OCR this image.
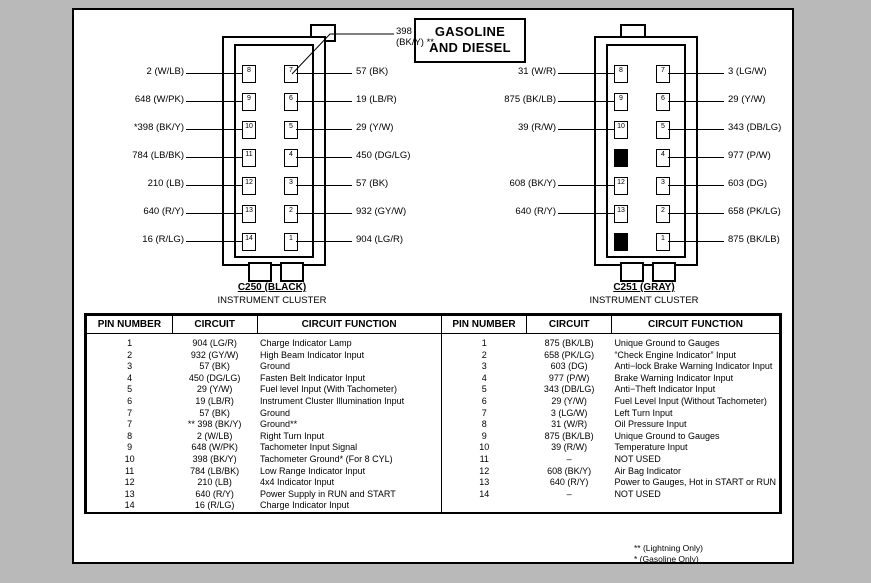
GASOLINE
AND DIESEL
8
9
10
11
12
13
14
7
6
5
4
3
2
1
2 (W/LB)
648 (W/PK)
*398 (BK/Y)
784 (LB/BK)
210 (LB)
640 (R/Y)
16 (R/LG)
57 (BK)
19 (LB/R)
29 (Y/W)
450 (DG/LG)
57 (BK)
932 (GY/W)
904 (LG/R)
398
(BK/Y) **
C250 (BLACK)
INSTRUMENT CLUSTER
8
9
10
12
13
7
6
5
4
3
2
1
31 (W/R)
875 (BK/LB)
39 (R/W)
608 (BK/Y)
640 (R/Y)
3 (LG/W)
29 (Y/W)
343 (DB/LG)
977 (P/W)
603 (DG)
658 (PK/LG)
875 (BK/LB)
C251 (GRAY)
INSTRUMENT CLUSTER
PIN NUMBER	CIRCUIT	CIRCUIT FUNCTION	PIN NUMBER	CIRCUIT	CIRCUIT FUNCTION
1	904 (LG/R)	Charge Indicator Lamp	1	875 (BK/LB)	Unique Ground to Gauges
2	932 (GY/W)	High Beam Indicator Input	2	658 (PK/LG)	“Check Engine Indicator” Input
3	57 (BK)	Ground	3	603 (DG)	Anti−lock Brake Warning Indicator Input
4	450 (DG/LG)	Fasten Belt Indicator Input	4	977 (P/W)	Brake Warning Indicator Input
5	29 (Y/W)	Fuel level Input (With Tachometer)	5	343 (DB/LG)	Anti−Theft Indicator Input
6	19 (LB/R)	Instrument Cluster Illumination Input	6	29 (Y/W)	Fuel Level Input (Without Tachometer)
7	57 (BK)	Ground	7	3 (LG/W)	Left Turn Input
7	** 398 (BK/Y)	Ground**	8	31 (W/R)	Oil Pressure Input
8	2 (W/LB)	Right Turn Input	9	875 (BK/LB)	Unique Ground to Gauges
9	648 (W/PK)	Tachometer Input Signal	10	39 (R/W)	Temperature Input
10	398 (BK/Y)	Tachometer Ground* (For 8 CYL)	11	–	NOT USED
11	784 (LB/BK)	Low Range Indicator Input	12	608 (BK/Y)	Air Bag Indicator
12	210 (LB)	4x4 Indicator Input	13	640 (R/Y)	Power to Gauges, Hot in START or RUN
13	640 (R/Y)	Power Supply in RUN and START	14	–	NOT USED
14	16 (R/LG)	Charge Indicator Input			
** (Lightning Only)
* (Gasoline Only)
